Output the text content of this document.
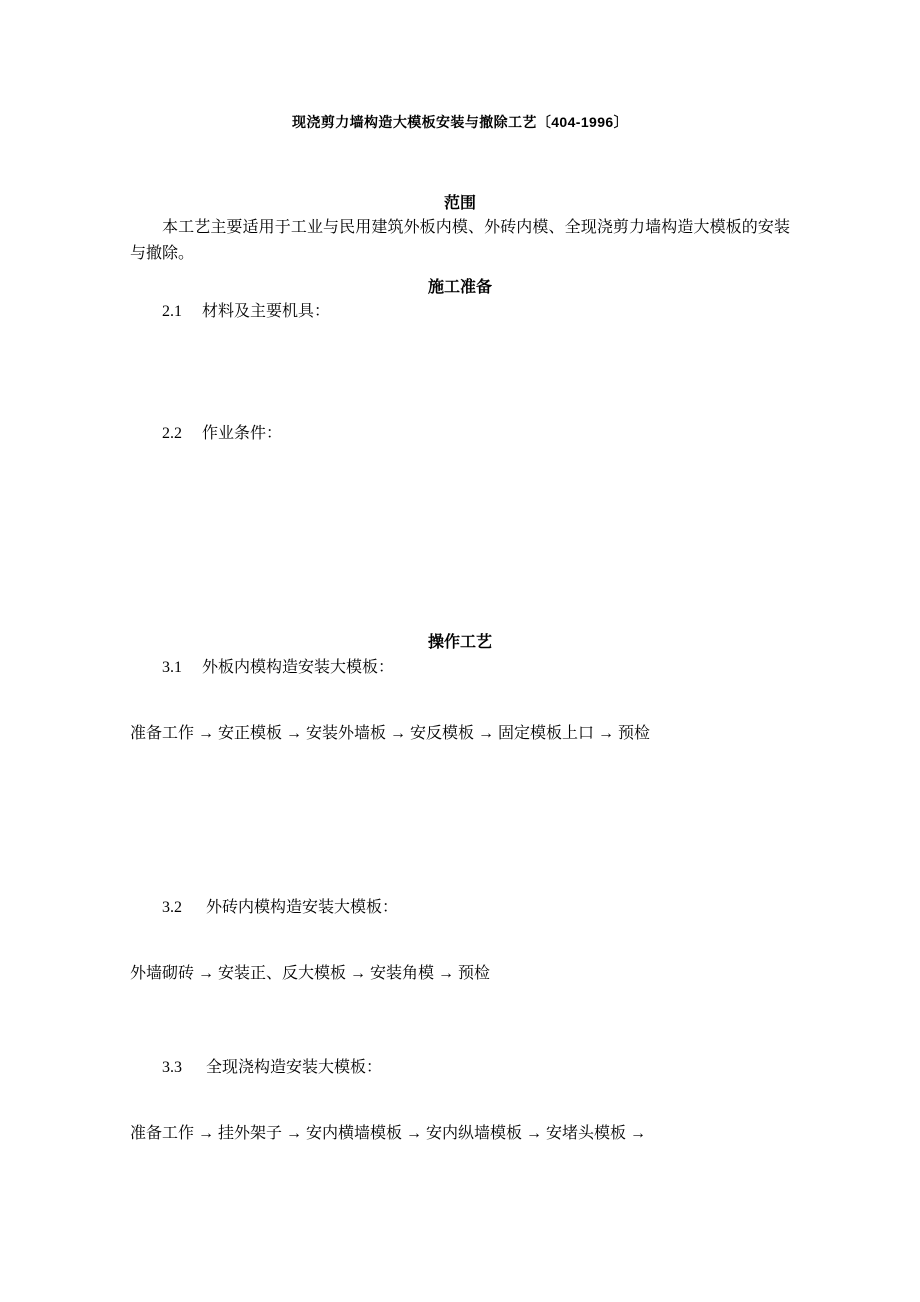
现浇剪力墙构造大模板安装与撤除工艺〔404-1996〕
范围
本工艺主要适用于工业与民用建筑外板内模、外砖内模、全现浇剪力墙构造大模板的安装与撤除。
施工准备
2.1 材料及主要机具：
2.2 作业条件：
操作工艺
3.1 外板内模构造安装大模板：
准备工作 → 安正模板 → 安装外墙板 → 安反模板 → 固定模板上口 → 预检
3.2 外砖内模构造安装大模板：
外墙砌砖 → 安装正、反大模板 → 安装角模 → 预检
3.3 全现浇构造安装大模板：
准备工作 → 挂外架子 → 安内横墙模板 → 安内纵墙模板 → 安堵头模板 →
